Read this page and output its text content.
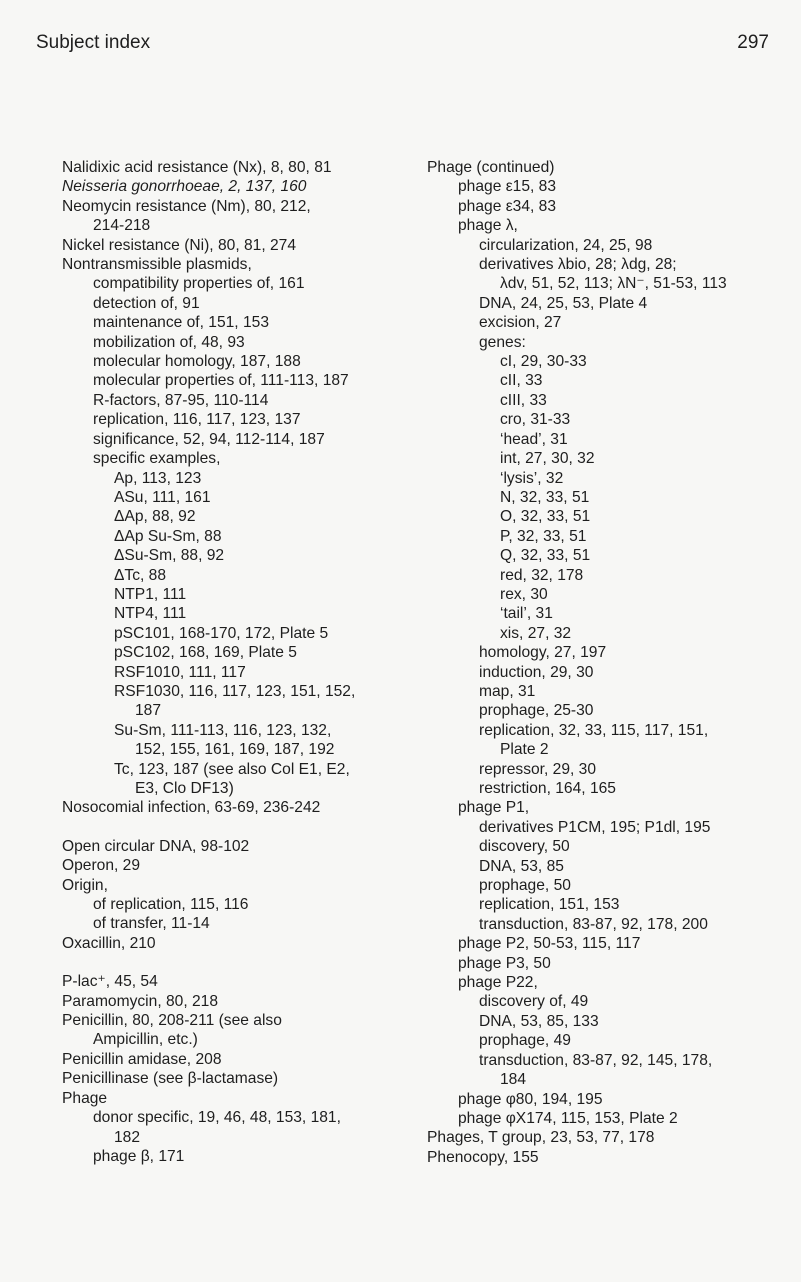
Subject index	297
Nalidixic acid resistance (Nx), 8, 80, 81
Neisseria gonorrhoeae, 2, 137, 160
Neomycin resistance (Nm), 80, 212,
214-218
Nickel resistance (Ni), 80, 81, 274
Nontransmissible plasmids,
compatibility properties of, 161
detection of, 91
maintenance of, 151, 153
mobilization of, 48, 93
molecular homology, 187, 188
molecular properties of, 111-113, 187
R-factors, 87-95, 110-114
replication, 116, 117, 123, 137
significance, 52, 94, 112-114, 187
specific examples,
Ap, 113, 123
ASu, 111, 161
ΔAp, 88, 92
ΔAp Su-Sm, 88
ΔSu-Sm, 88, 92
ΔTc, 88
NTP1, 111
NTP4, 111
pSC101, 168-170, 172, Plate 5
pSC102, 168, 169, Plate 5
RSF1010, 111, 117
RSF1030, 116, 117, 123, 151, 152,
187
Su-Sm, 111-113, 116, 123, 132,
152, 155, 161, 169, 187, 192
Tc, 123, 187 (see also Col E1, E2,
E3, Clo DF13)
Nosocomial infection, 63-69, 236-242
Open circular DNA, 98-102
Operon, 29
Origin,
of replication, 115, 116
of transfer, 11-14
Oxacillin, 210
P-lac⁺, 45, 54
Paramomycin, 80, 218
Penicillin, 80, 208-211 (see also
Ampicillin, etc.)
Penicillin amidase, 208
Penicillinase (see β-lactamase)
Phage
donor specific, 19, 46, 48, 153, 181,
182
phage β, 171
Phage (continued)
phage ε15, 83
phage ε34, 83
phage λ,
circularization, 24, 25, 98
derivatives λbio, 28; λdg, 28;
λdv, 51, 52, 113; λN⁻, 51-53, 113
DNA, 24, 25, 53, Plate 4
excision, 27
genes:
cI, 29, 30-33
cII, 33
cIII, 33
cro, 31-33
‘head’, 31
int, 27, 30, 32
‘lysis’, 32
N, 32, 33, 51
O, 32, 33, 51
P, 32, 33, 51
Q, 32, 33, 51
red, 32, 178
rex, 30
‘tail’, 31
xis, 27, 32
homology, 27, 197
induction, 29, 30
map, 31
prophage, 25-30
replication, 32, 33, 115, 117, 151,
Plate 2
repressor, 29, 30
restriction, 164, 165
phage P1,
derivatives P1CM, 195; P1dl, 195
discovery, 50
DNA, 53, 85
prophage, 50
replication, 151, 153
transduction, 83-87, 92, 178, 200
phage P2, 50-53, 115, 117
phage P3, 50
phage P22,
discovery of, 49
DNA, 53, 85, 133
prophage, 49
transduction, 83-87, 92, 145, 178,
184
phage φ80, 194, 195
phage φX174, 115, 153, Plate 2
Phages, T group, 23, 53, 77, 178
Phenocopy, 155
